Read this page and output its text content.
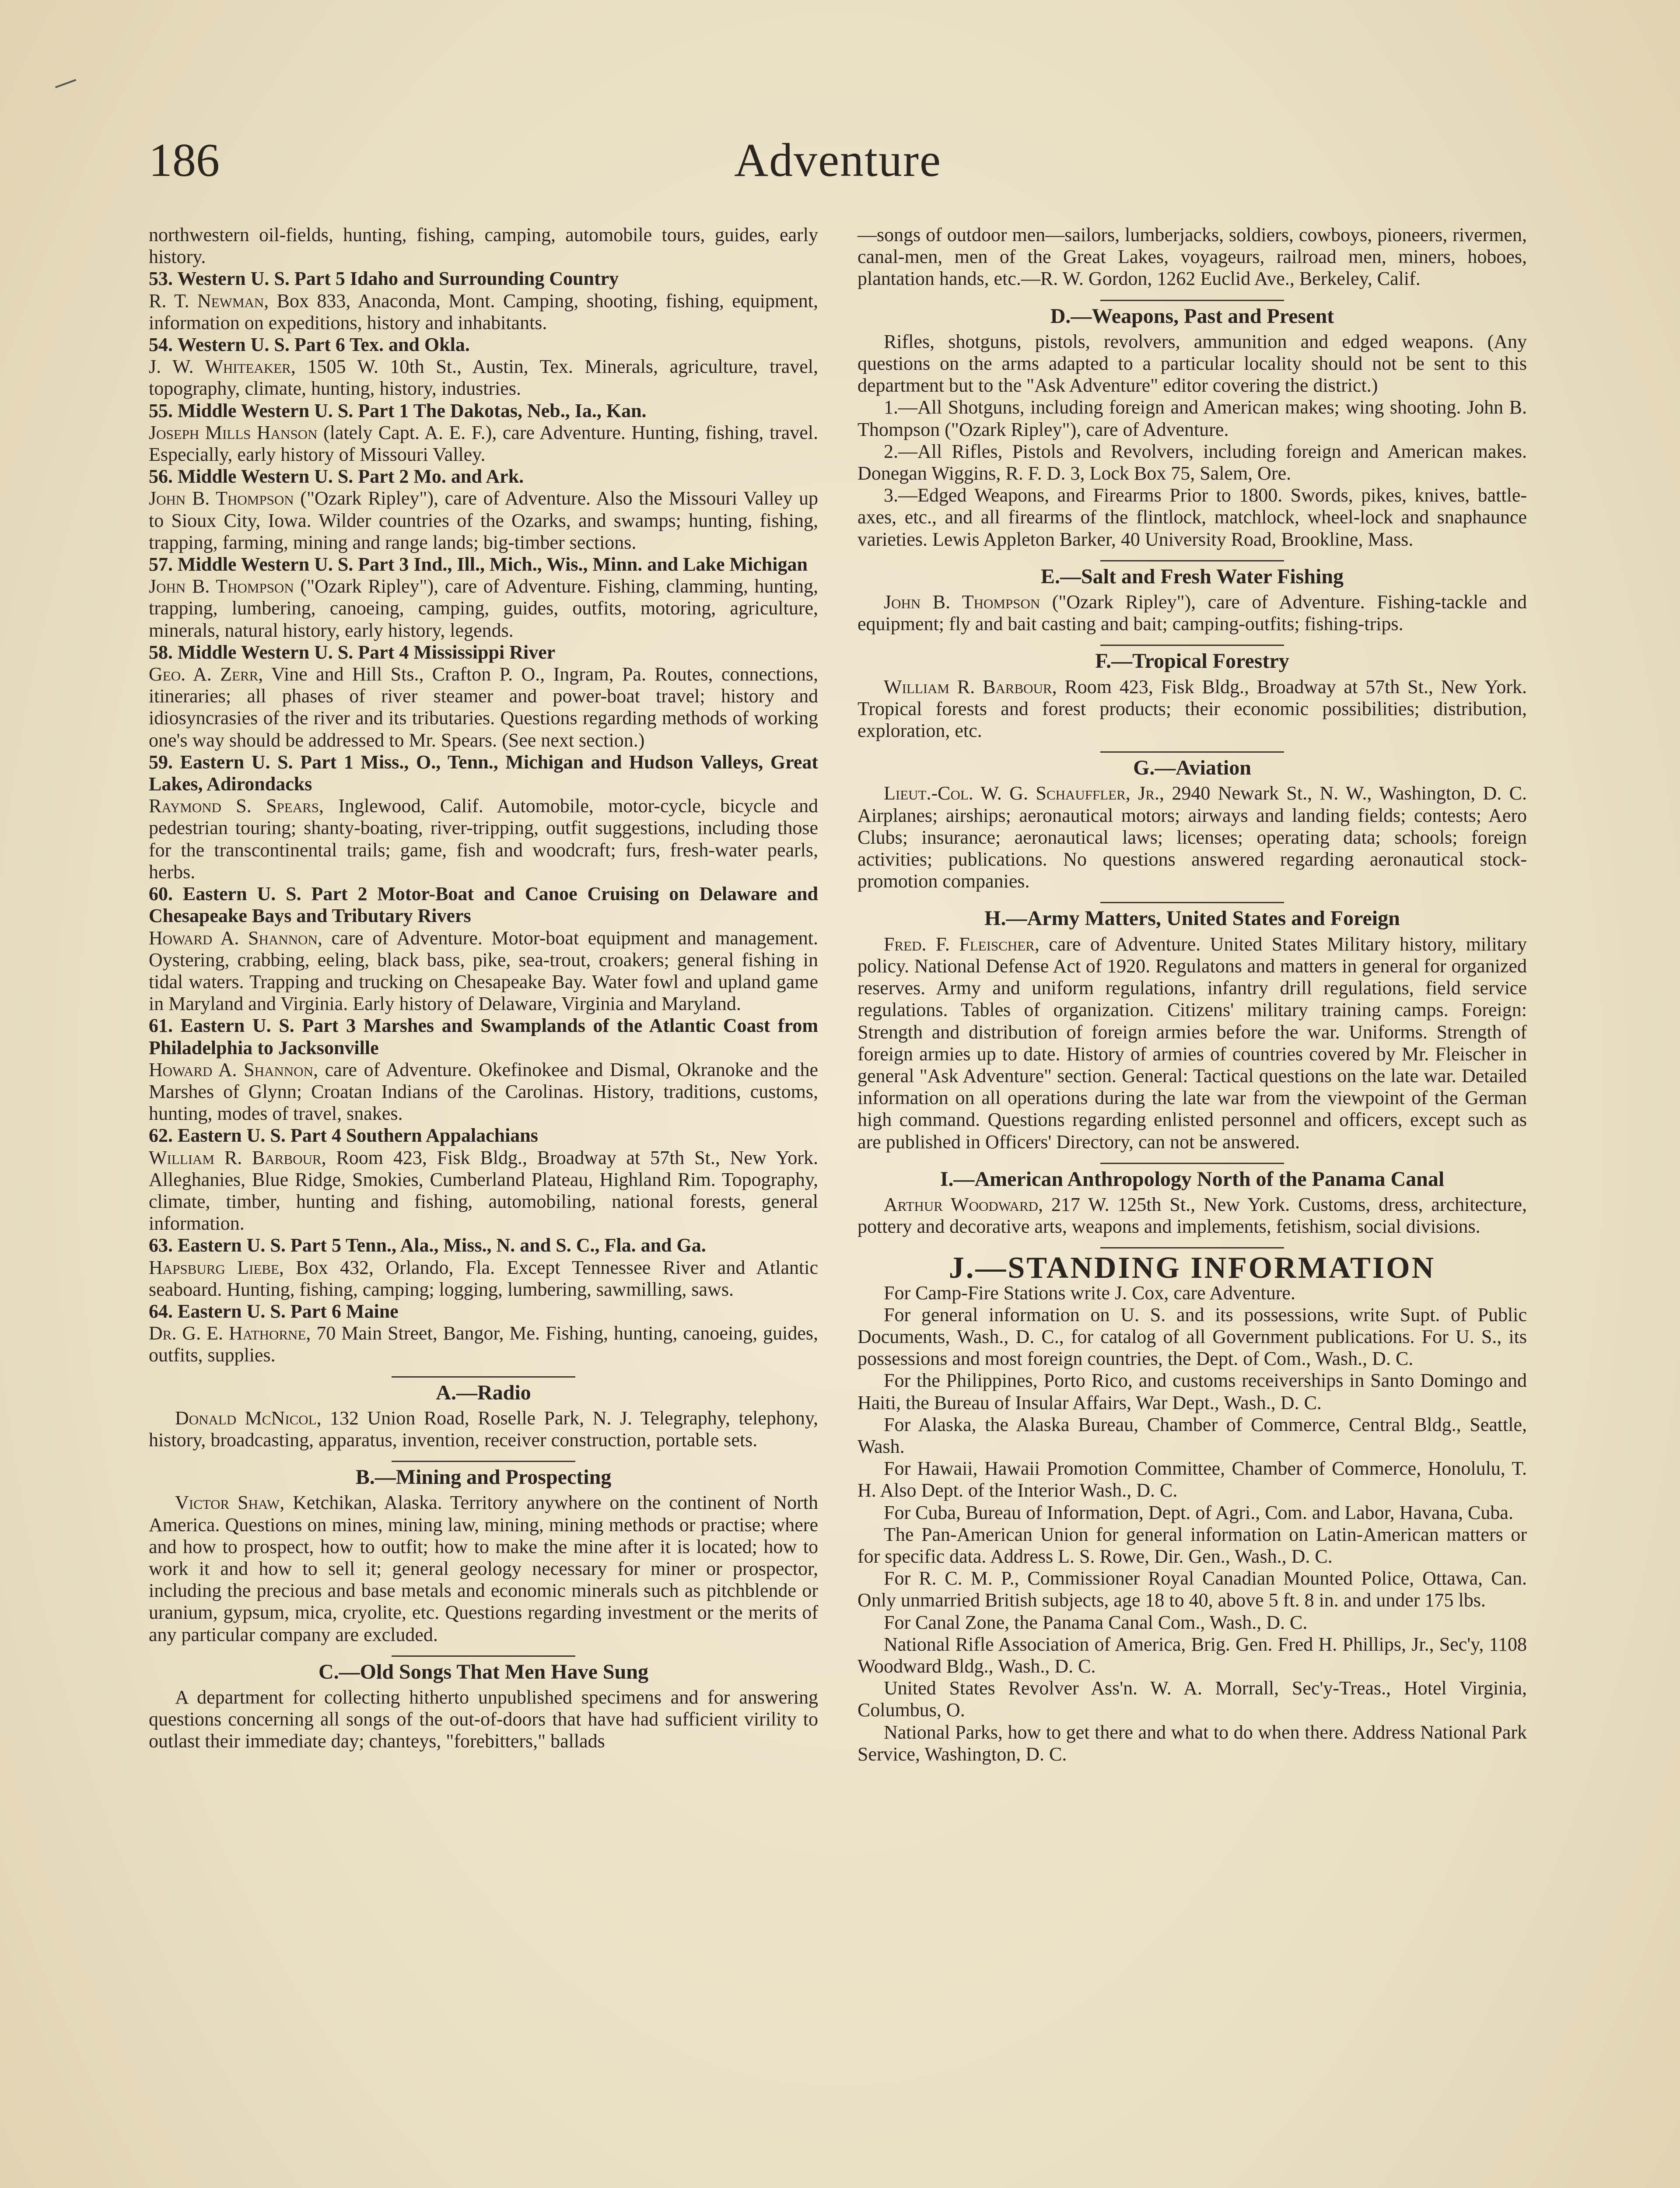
186	Adventure

northwestern oil-fields, hunting, fishing, camping, automobile tours, guides, early history.

53. Western U. S. Part 5 Idaho and Surrounding Country

R. T. Newman, Box 833, Anaconda, Mont. Camping, shooting, fishing, equipment, information on expeditions, history and inhabitants.

54. Western U. S. Part 6 Tex. and Okla.

J. W. Whiteaker, 1505 W. 10th St., Austin, Tex. Minerals, agriculture, travel, topography, climate, hunting, history, industries.

55. Middle Western U. S. Part 1 The Dakotas, Neb., Ia., Kan.

Joseph Mills Hanson (lately Capt. A. E. F.), care Adventure. Hunting, fishing, travel. Especially, early history of Missouri Valley.

56. Middle Western U. S. Part 2 Mo. and Ark.

John B. Thompson ("Ozark Ripley"), care of Adventure. Also the Missouri Valley up to Sioux City, Iowa. Wilder countries of the Ozarks, and swamps; hunting, fishing, trapping, farming, mining and range lands; big-timber sections.

57. Middle Western U. S. Part 3 Ind., Ill., Mich., Wis., Minn. and Lake Michigan

John B. Thompson ("Ozark Ripley"), care of Adventure. Fishing, clamming, hunting, trapping, lumbering, canoeing, camping, guides, outfits, motoring, agriculture, minerals, natural history, early history, legends.

58. Middle Western U. S. Part 4 Mississippi River

Geo. A. Zerr, Vine and Hill Sts., Crafton P. O., Ingram, Pa. Routes, connections, itineraries; all phases of river steamer and power-boat travel; history and idiosyncrasies of the river and its tributaries. Questions regarding methods of working one's way should be addressed to Mr. Spears. (See next section.)

59. Eastern U. S. Part 1 Miss., O., Tenn., Michigan and Hudson Valleys, Great Lakes, Adirondacks

Raymond S. Spears, Inglewood, Calif. Automobile, motor-cycle, bicycle and pedestrian touring; shanty-boating, river-tripping, outfit suggestions, including those for the transcontinental trails; game, fish and woodcraft; furs, fresh-water pearls, herbs.

60. Eastern U. S. Part 2 Motor-Boat and Canoe Cruising on Delaware and Chesapeake Bays and Tributary Rivers

Howard A. Shannon, care of Adventure. Motor-boat equipment and management. Oystering, crabbing, eeling, black bass, pike, sea-trout, croakers; general fishing in tidal waters. Trapping and trucking on Chesapeake Bay. Water fowl and upland game in Maryland and Virginia. Early history of Delaware, Virginia and Maryland.

61. Eastern U. S. Part 3 Marshes and Swamplands of the Atlantic Coast from Philadelphia to Jacksonville

Howard A. Shannon, care of Adventure. Okefinokee and Dismal, Okranoke and the Marshes of Glynn; Croatan Indians of the Carolinas. History, traditions, customs, hunting, modes of travel, snakes.

62. Eastern U. S. Part 4 Southern Appalachians

William R. Barbour, Room 423, Fisk Bldg., Broadway at 57th St., New York. Alleghanies, Blue Ridge, Smokies, Cumberland Plateau, Highland Rim. Topography, climate, timber, hunting and fishing, automobiling, national forests, general information.

63. Eastern U. S. Part 5 Tenn., Ala., Miss., N. and S. C., Fla. and Ga.

Hapsburg Liebe, Box 432, Orlando, Fla. Except Tennessee River and Atlantic seaboard. Hunting, fishing, camping; logging, lumbering, sawmilling, saws.

64. Eastern U. S. Part 6 Maine

Dr. G. E. Hathorne, 70 Main Street, Bangor, Me. Fishing, hunting, canoeing, guides, outfits, supplies.

A.—Radio

Donald McNicol, 132 Union Road, Roselle Park, N. J. Telegraphy, telephony, history, broadcasting, apparatus, invention, receiver construction, portable sets.

B.—Mining and Prospecting

Victor Shaw, Ketchikan, Alaska. Territory anywhere on the continent of North America. Questions on mines, mining law, mining, mining methods or practise; where and how to prospect, how to outfit; how to make the mine after it is located; how to work it and how to sell it; general geology necessary for miner or prospector, including the precious and base metals and economic minerals such as pitchblende or uranium, gypsum, mica, cryolite, etc. Questions regarding investment or the merits of any particular company are excluded.

C.—Old Songs That Men Have Sung

A department for collecting hitherto unpublished specimens and for answering questions concerning all songs of the out-of-doors that have had sufficient virility to outlast their immediate day; chanteys, "forebitters," ballads

—songs of outdoor men—sailors, lumberjacks, soldiers, cowboys, pioneers, rivermen, canal-men, men of the Great Lakes, voyageurs, railroad men, miners, hoboes, plantation hands, etc.—R. W. Gordon, 1262 Euclid Ave., Berkeley, Calif.

D.—Weapons, Past and Present

Rifles, shotguns, pistols, revolvers, ammunition and edged weapons. (Any questions on the arms adapted to a particular locality should not be sent to this department but to the "Ask Adventure" editor covering the district.)

1.—All Shotguns, including foreign and American makes; wing shooting. John B. Thompson ("Ozark Ripley"), care of Adventure.

2.—All Rifles, Pistols and Revolvers, including foreign and American makes. Donegan Wiggins, R. F. D. 3, Lock Box 75, Salem, Ore.

3.—Edged Weapons, and Firearms Prior to 1800. Swords, pikes, knives, battle-axes, etc., and all firearms of the flintlock, matchlock, wheel-lock and snaphaunce varieties. Lewis Appleton Barker, 40 University Road, Brookline, Mass.

E.—Salt and Fresh Water Fishing

John B. Thompson ("Ozark Ripley"), care of Adventure. Fishing-tackle and equipment; fly and bait casting and bait; camping-outfits; fishing-trips.

F.—Tropical Forestry

William R. Barbour, Room 423, Fisk Bldg., Broadway at 57th St., New York. Tropical forests and forest products; their economic possibilities; distribution, exploration, etc.

G.—Aviation

Lieut.-Col. W. G. Schauffler, Jr., 2940 Newark St., N. W., Washington, D. C. Airplanes; airships; aeronautical motors; airways and landing fields; contests; Aero Clubs; insurance; aeronautical laws; licenses; operating data; schools; foreign activities; publications. No questions answered regarding aeronautical stock-promotion companies.

H.—Army Matters, United States and Foreign

Fred. F. Fleischer, care of Adventure. United States Military history, military policy. National Defense Act of 1920. Regulatons and matters in general for organized reserves. Army and uniform regulations, infantry drill regulations, field service regulations. Tables of organization. Citizens' military training camps. Foreign: Strength and distribution of foreign armies before the war. Uniforms. Strength of foreign armies up to date. History of armies of countries covered by Mr. Fleischer in general "Ask Adventure" section. General: Tactical questions on the late war. Detailed information on all operations during the late war from the viewpoint of the German high command. Questions regarding enlisted personnel and officers, except such as are published in Officers' Directory, can not be answered.

I.—American Anthropology North of the Panama Canal

Arthur Woodward, 217 W. 125th St., New York. Customs, dress, architecture, pottery and decorative arts, weapons and implements, fetishism, social divisions.

J.—STANDING INFORMATION

For Camp-Fire Stations write J. Cox, care Adventure.

For general information on U. S. and its possessions, write Supt. of Public Documents, Wash., D. C., for catalog of all Government publications. For U. S., its possessions and most foreign countries, the Dept. of Com., Wash., D. C.

For the Philippines, Porto Rico, and customs receiverships in Santo Domingo and Haiti, the Bureau of Insular Affairs, War Dept., Wash., D. C.

For Alaska, the Alaska Bureau, Chamber of Commerce, Central Bldg., Seattle, Wash.

For Hawaii, Hawaii Promotion Committee, Chamber of Commerce, Honolulu, T. H. Also Dept. of the Interior Wash., D. C.

For Cuba, Bureau of Information, Dept. of Agri., Com. and Labor, Havana, Cuba.

The Pan-American Union for general information on Latin-American matters or for specific data. Address L. S. Rowe, Dir. Gen., Wash., D. C.

For R. C. M. P., Commissioner Royal Canadian Mounted Police, Ottawa, Can. Only unmarried British subjects, age 18 to 40, above 5 ft. 8 in. and under 175 lbs.

For Canal Zone, the Panama Canal Com., Wash., D. C.

National Rifle Association of America, Brig. Gen. Fred H. Phillips, Jr., Sec'y, 1108 Woodward Bldg., Wash., D. C.

United States Revolver Ass'n. W. A. Morrall, Sec'y-Treas., Hotel Virginia, Columbus, O.

National Parks, how to get there and what to do when there. Address National Park Service, Washington, D. C.
